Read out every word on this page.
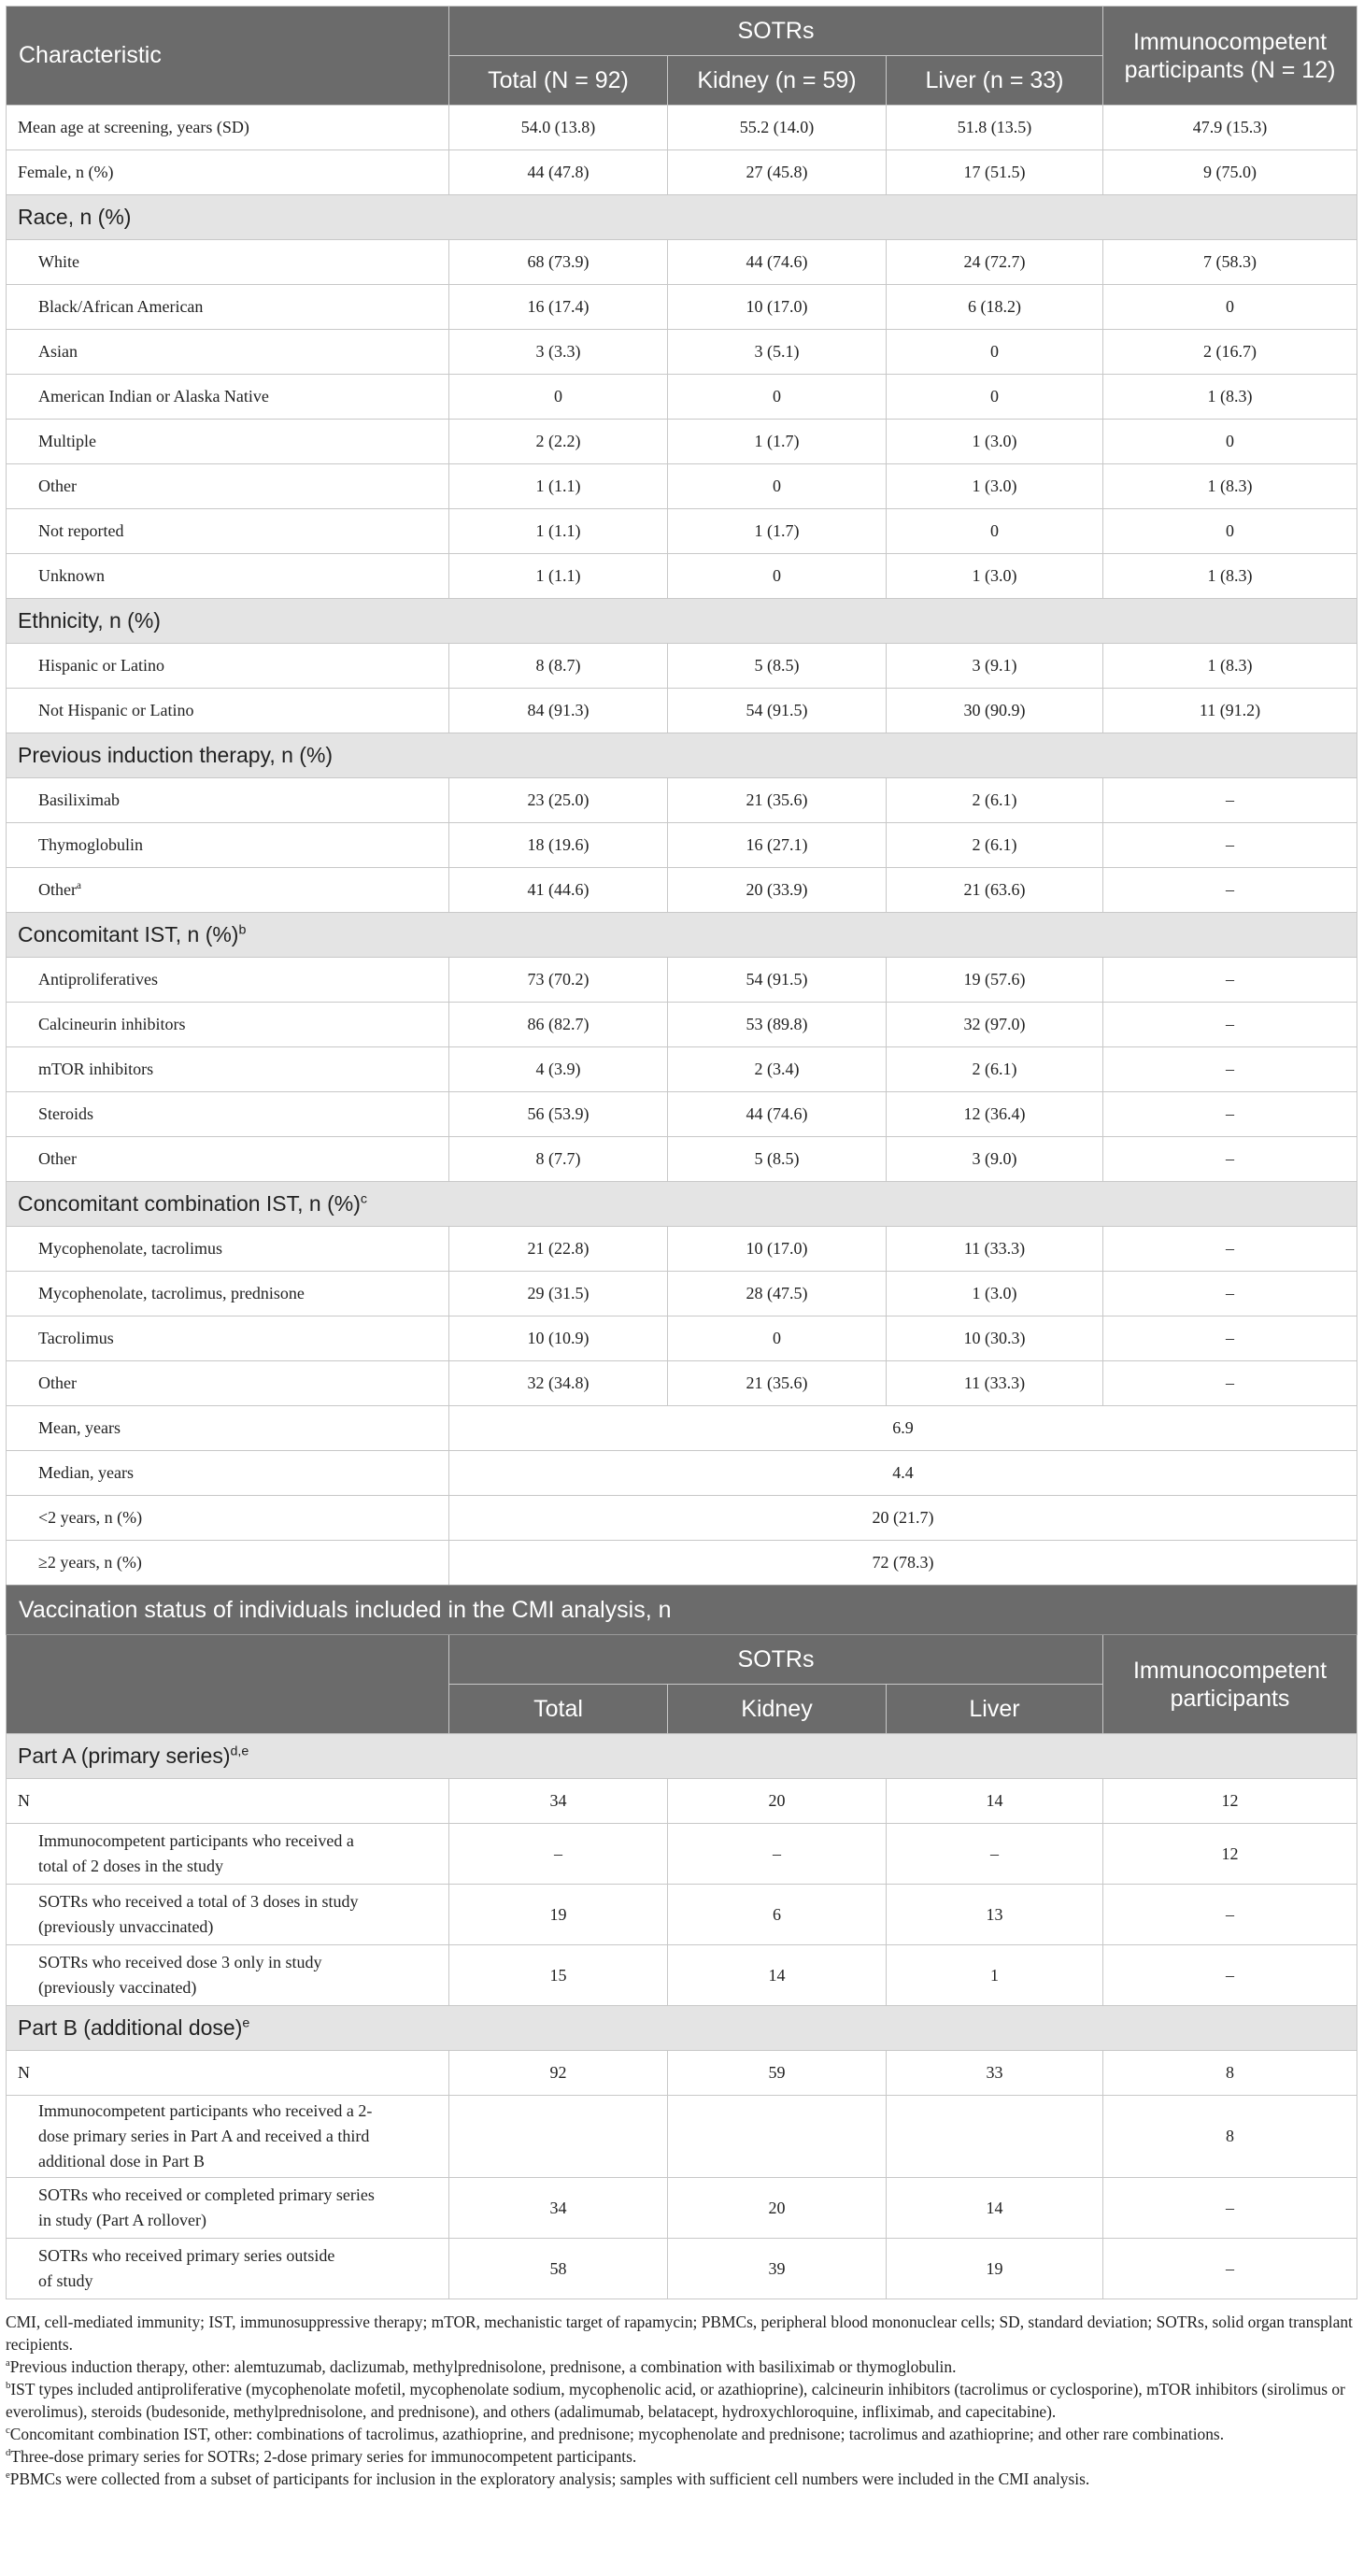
Characteristic	SOTRs			Immunocompetent
participants (N = 12)
	Total (N = 92)	Kidney (n = 59)	Liver (n = 33)	
Mean age at screening, years (SD)	54.0 (13.8)	55.2 (14.0)	51.8 (13.5)	47.9 (15.3)
Female, n (%)	44 (47.8)	27 (45.8)	17 (51.5)	9 (75.0)
Race, n (%)				
White	68 (73.9)	44 (74.6)	24 (72.7)	7 (58.3)
Black/African American	16 (17.4)	10 (17.0)	6 (18.2)	0
Asian	3 (3.3)	3 (5.1)	0	2 (16.7)
American Indian or Alaska Native	0	0	0	1 (8.3)
Multiple	2 (2.2)	1 (1.7)	1 (3.0)	0
Other	1 (1.1)	0	1 (3.0)	1 (8.3)
Not reported	1 (1.1)	1 (1.7)	0	0
Unknown	1 (1.1)	0	1 (3.0)	1 (8.3)
Ethnicity, n (%)				
Hispanic or Latino	8 (8.7)	5 (8.5)	3 (9.1)	1 (8.3)
Not Hispanic or Latino	84 (91.3)	54 (91.5)	30 (90.9)	11 (91.2)
Previous induction therapy, n (%)				
Basiliximab	23 (25.0)	21 (35.6)	2 (6.1)	–
Thymoglobulin	18 (19.6)	16 (27.1)	2 (6.1)	–
Other$^a$	41 (44.6)	20 (33.9)	21 (63.6)	–
Concomitant IST, n (%)$^b$
Antiproliferatives	73 (70.2)	54 (91.5)	19 (57.6)	–
Calcineurin inhibitors	86 (82.7)	53 (89.8)	32 (97.0)	–
mTOR inhibitors	4 (3.9)	2 (3.4)	2 (6.1)	–
Steroids	56 (53.9)	44 (74.6)	12 (36.4)	–
Other	8 (7.7)	5 (8.5)	3 (9.0)	–
Concomitant combination IST, n (%)$^c$
Mycophenolate, tacrolimus	21 (22.8)	10 (17.0)	11 (33.3)	–
Mycophenolate, tacrolimus, prednisone	29 (31.5)	28 (47.5)	1 (3.0)	–
Tacrolimus	10 (10.9)	0	10 (30.3)	–
Other	32 (34.8)	21 (35.6)	11 (33.3)	–
Mean, years	6.9			
Median, years	4.4			
<2 years, n (%)	20 (21.7)			
≥2 years, n (%)	72 (78.3)			
Vaccination status of individuals included in the CMI analysis, n				
	SOTRs			Immunocompetent
participants
	Total	Kidney	Liver	
Part A (primary series)$^{d,e}$
N	34	20	14	12
Immunocompetent participants who received a
total of 2 doses in the study	–	–	–	12
SOTRs who received a total of 3 doses in study
(previously unvaccinated)	19	6	13	–
SOTRs who received dose 3 only in study
(previously vaccinated)	15	14	1	–
Part B (additional dose)$^e$
N	92	59	33	8
Immunocompetent participants who received a 2-
dose primary series in Part A and received a third
additional dose in Part B				8
SOTRs who received or completed primary series
in study (Part A rollover)	34	20	14	–
SOTRs who received primary series outside
of study	58	39	19	–

CMI, cell-mediated immunity; IST, immunosuppressive therapy; mTOR, mechanistic target of rapamycin; PBMCs, peripheral blood mononuclear cells; SD, standard deviation; SOTRs, solid organ transplant recipients.

$^a$Previous induction therapy, other: alemtuzumab, daclizumab, methylprednisolone, prednisone, a combination with basiliximab or thymoglobulin.

$^b$IST types included antiproliferative (mycophenolate mofetil, mycophenolate sodium, mycophenolic acid, or azathioprine), calcineurin inhibitors (tacrolimus or cyclosporine), mTOR inhibitors (sirolimus or everolimus), steroids (budesonide, methylprednisolone, and prednisone), and others (adalimumab, belatacept, hydroxychloroquine, infliximab, and capecitabine).

$^c$Concomitant combination IST, other: combinations of tacrolimus, azathioprine, and prednisone; mycophenolate and prednisone; tacrolimus and azathioprine; and other rare combinations.

$^d$Three-dose primary series for SOTRs; 2-dose primary series for immunocompetent participants.

$^e$PBMCs were collected from a subset of participants for inclusion in the exploratory analysis; samples with sufficient cell numbers were included in the CMI analysis.
